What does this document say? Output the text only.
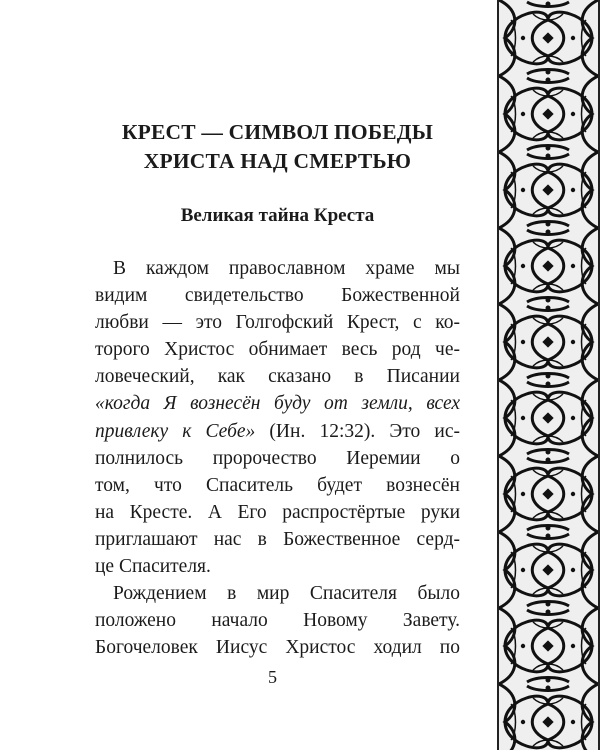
КРЕСТ — СИМВОЛ ПОБЕДЫ
ХРИСТА НАД СМЕРТЬЮ
Великая тайна Креста
В каждом православном храме мы
видим свидетельство Божественной
любви — это Голгофский Крест, с ко-
торого Христос обнимает весь род че-
ловеческий, как сказано в Писании
«когда Я вознесён буду от земли, всех
привлеку к Себе» (Ин. 12:32). Это ис-
полнилось пророчество Иеремии о
том, что Спаситель будет вознесён
на Кресте. А Его распростёртые руки
приглашают нас в Божественное серд-
це Спасителя.
Рождением в мир Спасителя было
положено начало Новому Завету.
Богочеловек Иисус Христос ходил по
5
